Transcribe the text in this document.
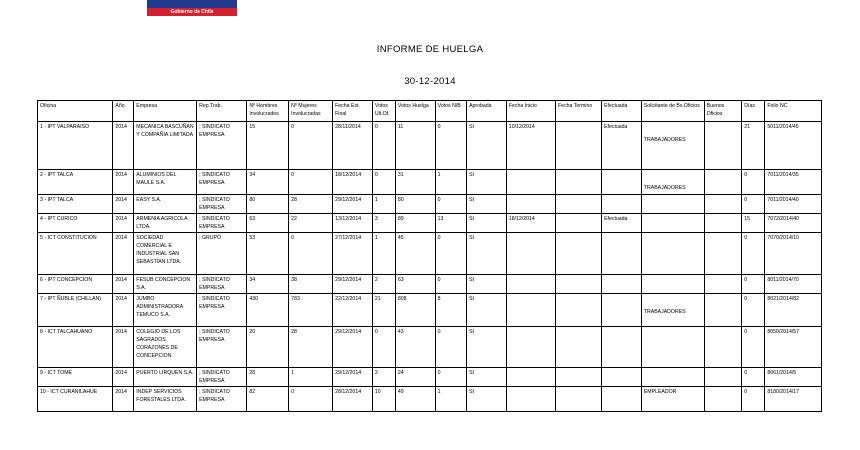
Gobierno de Chile
INFORME DE HUELGA
30-12-2014
Oficina	Año	Empresa	Rep.Trab.	Nº Hombres Involucrados	Nº Mujeres Involucradas	Fecha Est. Final	Votos Ult.Of.	Votos Huelga	Votos N/B	Aprobada	Fecha Inicio	Fecha Termino	Efectuada	Solicitante de Bs.Oficios	Buenos Oficios	Días	Folio NC
1 - IPT VALPARAISO	2014	MECANICA BASCUÑAN Y COMPAÑIA LIMITADA	; SINDICATO EMPRESA	15	0	28/11/2014	0	11	0	SI	10/12/2014		Efectuada	TRABAJADORES		21	5011/2014/45
2 - IPT TALCA	2014	ALUMINIOS DEL MAULE S.A.	; SINDICATO EMPRESA	34	0	18/12/2014	0	31	1	SI				TRABAJADORES		0	7011/2014/35
3 - IPT TALCA	2014	EASY S.A.	; SINDICATO EMPRESA	80	28	29/12/2014	1	80	0	SI						0	7011/2014/40
4 - IPT CURICO	2014	ARMENIA AGRICOLA LTDA.	; SINDICATO EMPRESA	63	22	13/12/2014	3	89	13	SI	18/12/2014		Efectuada			15	7072/2014/40
5 - ICT CONSTITUCION	2014	SOCIEDAD COMERCIAL E INDUSTRIAL SAN SEBASTIAN LTDA.	; GRUPO	53	0	27/12/2014	1	45	0	SI						0	7070/2014/10
6 - IPT CONCEPCION	2014	FESUB CONCEPCION S.A.	; SINDICATO EMPRESA	34	38	29/12/2014	2	63	0	SI						0	8011/2014/70
7 - IPT ÑUBLE (CHILLAN)	2014	JUMBO ADMINISTRADORA TEMUCO S.A.	; SINDICATO EMPRESA	430	783	22/12/2014	21	808	8	SI				TRABAJADORES		0	8021/2014/82
8 - ICT TALCAHUANO	2014	COLEGIO DE LOS SAGRADOS CORAZONES DE CONCEPCION	; SINDICATO EMPRESA	20	28	29/12/2014	0	43	0	SI						0	8050/2014/57
9 - ICT TOME	2014	PUERTO LIRQUEN S.A.	; SINDICATO EMPRESA	28	1	29/12/2014	2	24	0	SI						0	8061/2014/5
10 - ICT CURANILAHUE	2014	INDEP SERVICIOS FORESTALES LTDA.	; SINDICATO EMPRESA	82	0	28/12/2014	10	49	1	SI				EMPLEADOR		0	8180/2014/17
